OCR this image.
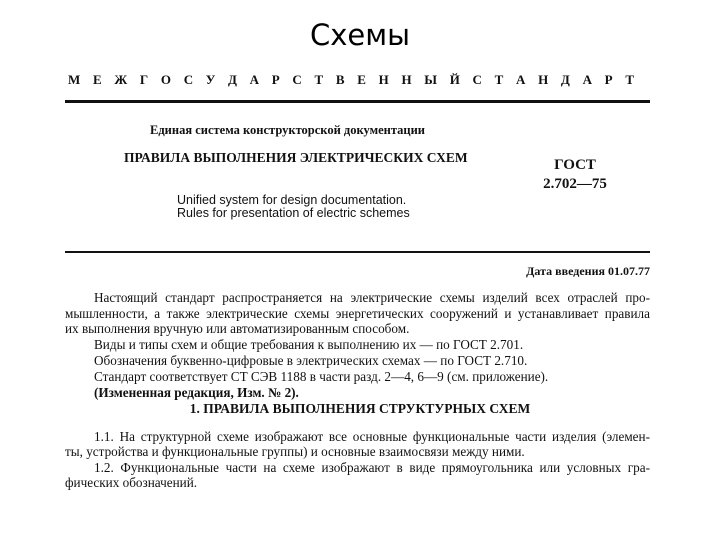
Схемы
М Е Ж Г О С У Д А Р С Т В Е Н Н Ы Й С Т А Н Д А Р Т
Единая система конструкторской документации
ПРАВИЛА ВЫПОЛНЕНИЯ ЭЛЕКТРИЧЕСКИХ СХЕМ
Unified system for design documentation.
Rules for presentation of electric schemes
ГОСТ
2.702—75
Дата введения 01.07.77
Настоящий стандарт распространяется на электрические схемы изделий всех отраслей про-
мышленности, а также электрические схемы энергетических сооружений и устанавливает правила
их выполнения вручную или автоматизированным способом.
Виды и типы схем и общие требования к выполнению их — по ГОСТ 2.701.
Обозначения буквенно-цифровые в электрических схемах — по ГОСТ 2.710.
Стандарт соответствует СТ СЭВ 1188 в части разд. 2—4, 6—9 (см. приложение).
(Измененная редакция, Изм. № 2).
1. ПРАВИЛА ВЫПОЛНЕНИЯ СТРУКТУРНЫХ СХЕМ
1.1. На структурной схеме изображают все основные функциональные части изделия (элемен-
ты, устройства и функциональные группы) и основные взаимосвязи между ними.
1.2. Функциональные части на схеме изображают в виде прямоугольника или условных гра-
фических обозначений.
